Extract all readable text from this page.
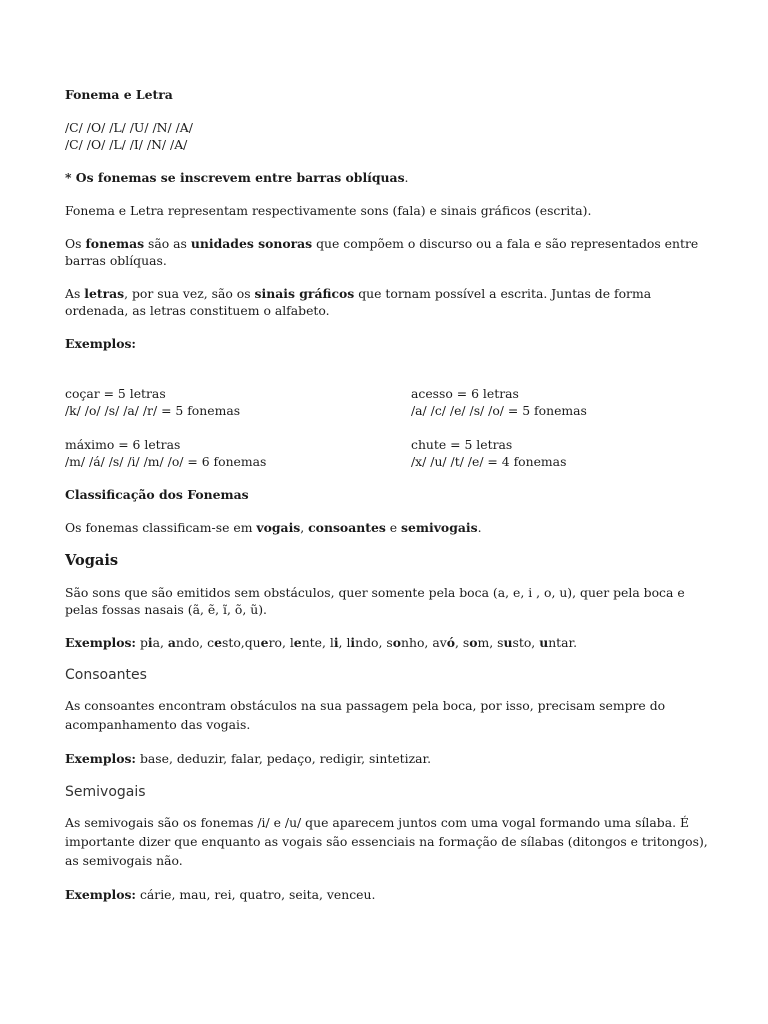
Fonema e Letra

/C/ /O/ /L/ /U/ /N/ /A/

/C/ /O/ /L/ /I/ /N/ /A/

* Os fonemas se inscrevem entre barras oblíquas.

Fonema e Letra representam respectivamente sons (fala) e sinais gráficos (escrita).

Os fonemas são as unidades sonoras que compõem o discurso ou a fala e são representados entre barras oblíquas.

As letras, por sua vez, são os sinais gráficos que tornam possível a escrita. Juntas de forma ordenada, as letras constituem o alfabeto.

Exemplos:

coçar = 5 letras

/k/ /o/ /s/ /a/ /r/ = 5 fonemas

acesso = 6 letras

/a/ /c/ /e/ /s/ /o/ = 5 fonemas

máximo = 6 letras

/m/ /á/ /s/ /i/ /m/ /o/ = 6 fonemas

chute = 5 letras

/x/ /u/ /t/ /e/ = 4 fonemas

Classificação dos Fonemas

Os fonemas classificam-se em vogais, consoantes e semivogais.

Vogais

São sons que são emitidos sem obstáculos, quer somente pela boca (a, e, i , o, u), quer pela boca e pelas fossas nasais (ã, ẽ, ĩ, õ, ũ).

Exemplos: pia, ando, cesto,quero, lente, li, lindo, sonho, avó, som, susto, untar.

Consoantes

As consoantes encontram obstáculos na sua passagem pela boca, por isso, precisam sempre do acompanhamento das vogais.

Exemplos: base, deduzir, falar, pedaço, redigir, sintetizar.

Semivogais

As semivogais são os fonemas /i/ e /u/ que aparecem juntos com uma vogal formando uma sílaba. É importante dizer que enquanto as vogais são essenciais na formação de sílabas (ditongos e tritongos), as semivogais não.

Exemplos: cárie, mau, rei, quatro, seita, venceu.
